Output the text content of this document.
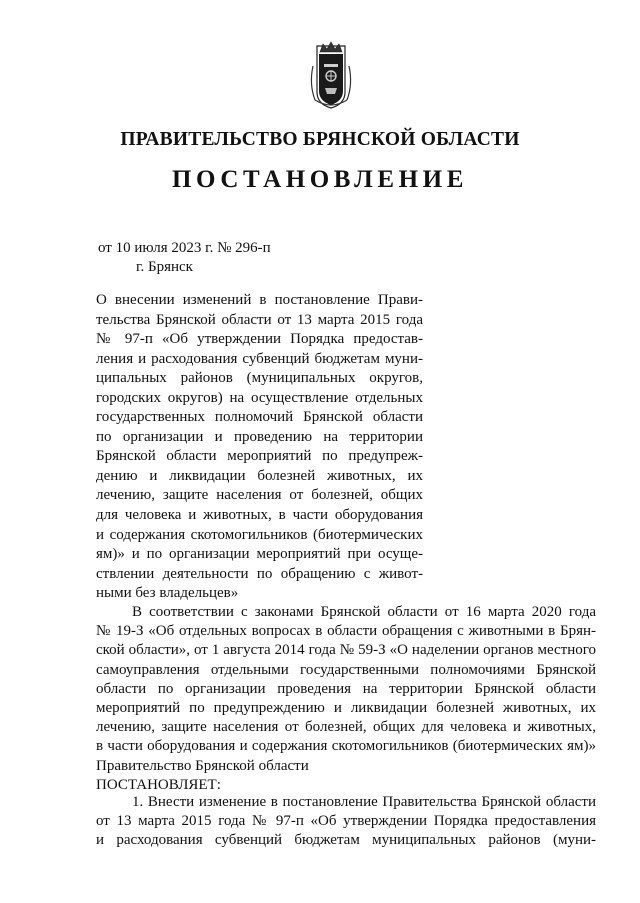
ПРАВИТЕЛЬСТВО БРЯНСКОЙ ОБЛАСТИ
ПОСТАНОВЛЕНИЕ
от 10 июля 2023 г. № 296-п
г. Брянск
О внесении изменений в постановление Прави-
тельства Брянской области от 13 марта 2015 года
№ 97-п «Об утверждении Порядка предостав-
ления и расходования субвенций бюджетам муни-
ципальных районов (муниципальных округов,
городских округов) на осуществление отдельных
государственных полномочий Брянской области
по организации и проведению на территории
Брянской области мероприятий по предупреж-
дению и ликвидации болезней животных, их
лечению, защите населения от болезней, общих
для человека и животных, в части оборудования
и содержания скотомогильников (биотермических
ям)» и по организации мероприятий при осуще-
ствлении деятельности по обращению с живот-
ными без владельцев»
В соответствии с законами Брянской области от 16 марта 2020 года
№ 19-З «Об отдельных вопросах в области обращения с животными в Брян-
ской области», от 1 августа 2014 года № 59-З «О наделении органов местного
самоуправления отдельными государственными полномочиями Брянской
области по организации проведения на территории Брянской области
мероприятий по предупреждению и ликвидации болезней животных, их
лечению, защите населения от болезней, общих для человека и животных,
в части оборудования и содержания скотомогильников (биотермических ям)»
Правительство Брянской области
ПОСТАНОВЛЯЕТ:
1. Внести изменение в постановление Правительства Брянской области
от 13 марта 2015 года № 97-п «Об утверждении Порядка предоставления
и расходования субвенций бюджетам муниципальных районов (муни-
